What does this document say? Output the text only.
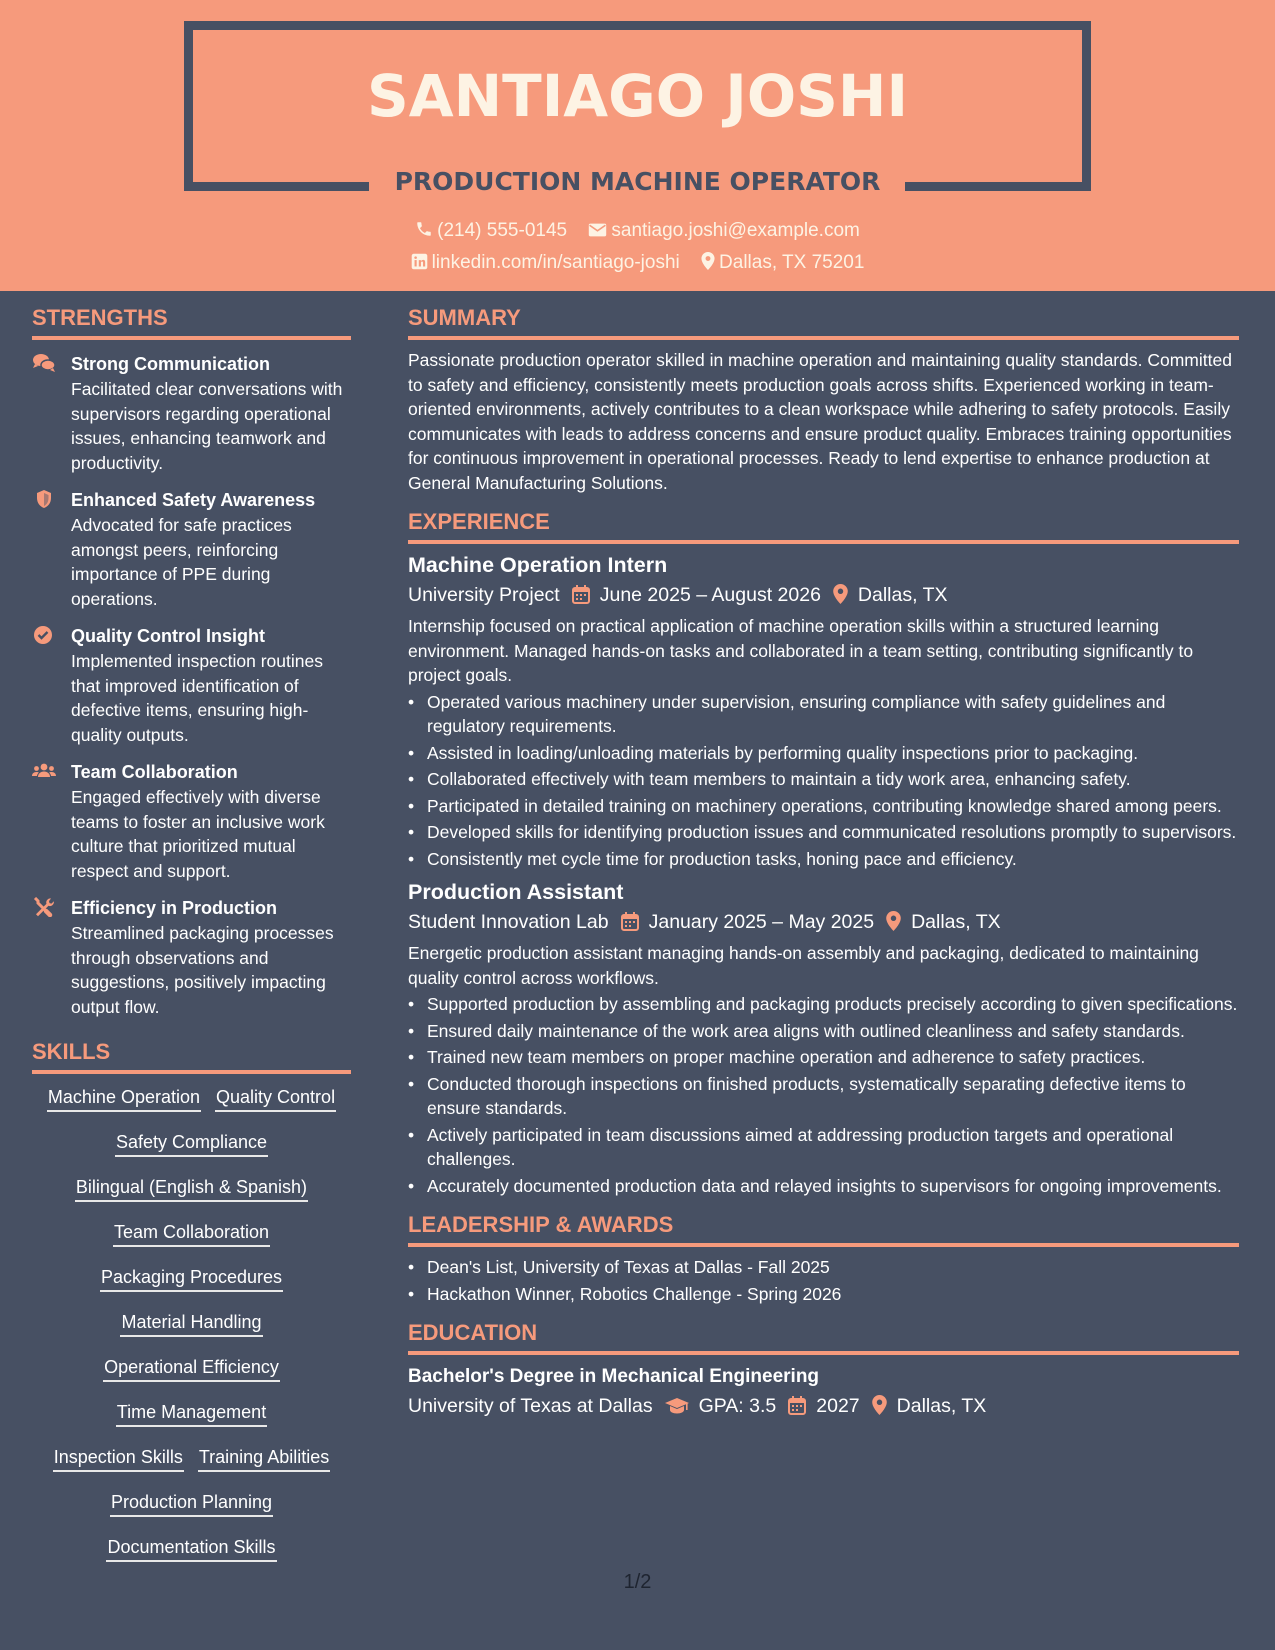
SANTIAGO JOSHI
PRODUCTION MACHINE OPERATOR
(214) 555-0145 santiago.joshi@example.com
linkedin.com/in/santiago-joshi Dallas, TX 75201
STRENGTHS
Strong Communication
Facilitated clear conversations with supervisors regarding operational issues, enhancing teamwork and productivity.
Enhanced Safety Awareness
Advocated for safe practices amongst peers, reinforcing importance of PPE during operations.
Quality Control Insight
Implemented inspection routines that improved identification of defective items, ensuring high-quality outputs.
Team Collaboration
Engaged effectively with diverse teams to foster an inclusive work culture that prioritized mutual respect and support.
Efficiency in Production
Streamlined packaging processes through observations and suggestions, positively impacting output flow.
SKILLS
Machine Operation Quality Control
Safety Compliance
Bilingual (English & Spanish)
Team Collaboration
Packaging Procedures
Material Handling
Operational Efficiency
Time Management
Inspection Skills Training Abilities
Production Planning
Documentation Skills
SUMMARY
Passionate production operator skilled in machine operation and maintaining quality standards. Committed to safety and efficiency, consistently meets production goals across shifts. Experienced working in team-oriented environments, actively contributes to a clean workspace while adhering to safety protocols. Easily communicates with leads to address concerns and ensure product quality. Embraces training opportunities for continuous improvement in operational processes. Ready to lend expertise to enhance production at General Manufacturing Solutions.
EXPERIENCE
Machine Operation Intern
University Project June 2025 – August 2026 Dallas, TX
Internship focused on practical application of machine operation skills within a structured learning environment. Managed hands-on tasks and collaborated in a team setting, contributing significantly to project goals.
• Operated various machinery under supervision, ensuring compliance with safety guidelines and regulatory requirements.
• Assisted in loading/unloading materials by performing quality inspections prior to packaging.
• Collaborated effectively with team members to maintain a tidy work area, enhancing safety.
• Participated in detailed training on machinery operations, contributing knowledge shared among peers.
• Developed skills for identifying production issues and communicated resolutions promptly to supervisors.
• Consistently met cycle time for production tasks, honing pace and efficiency.
Production Assistant
Student Innovation Lab January 2025 – May 2025 Dallas, TX
Energetic production assistant managing hands-on assembly and packaging, dedicated to maintaining quality control across workflows.
• Supported production by assembling and packaging products precisely according to given specifications.
• Ensured daily maintenance of the work area aligns with outlined cleanliness and safety standards.
• Trained new team members on proper machine operation and adherence to safety practices.
• Conducted thorough inspections on finished products, systematically separating defective items to ensure standards.
• Actively participated in team discussions aimed at addressing production targets and operational challenges.
• Accurately documented production data and relayed insights to supervisors for ongoing improvements.
LEADERSHIP & AWARDS
• Dean's List, University of Texas at Dallas - Fall 2025
• Hackathon Winner, Robotics Challenge - Spring 2026
EDUCATION
Bachelor's Degree in Mechanical Engineering
University of Texas at Dallas GPA: 3.5 2027 Dallas, TX
1/2
